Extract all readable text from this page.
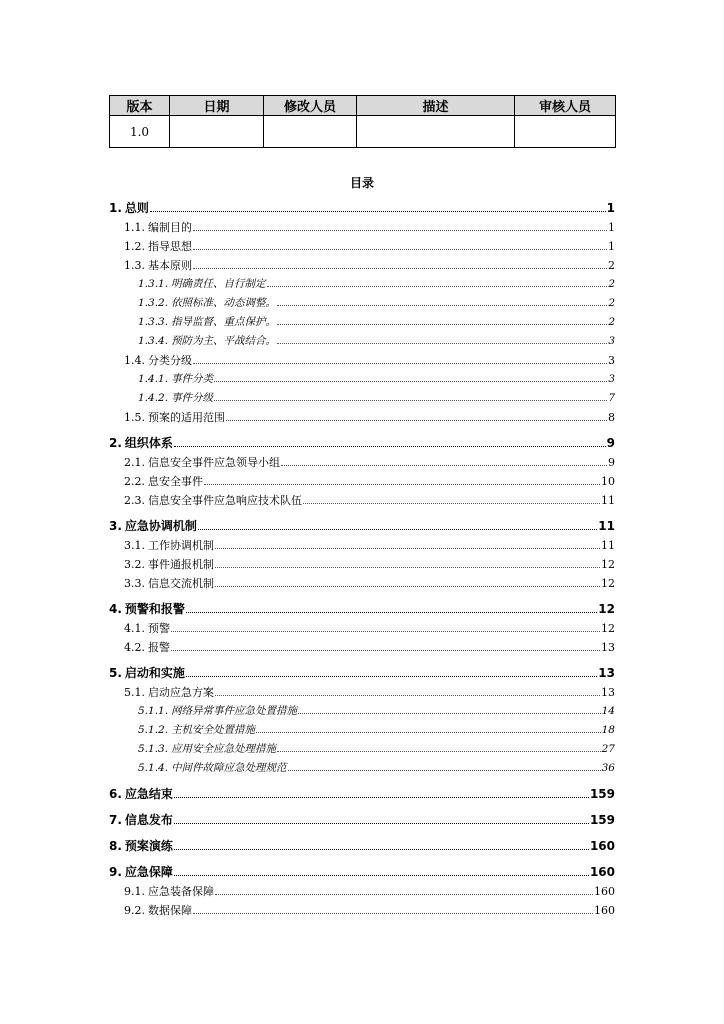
版本	日期	修改人员	描述	审核人员
1.0				
目录
1. 总则	1
1.1. 编制目的	1
1.2. 指导思想	1
1.3. 基本原则	2
1.3.1. 明确责任、自行制定	2
1.3.2. 依照标准、动态调整。	2
1.3.3. 指导监督、重点保护。	2
1.3.4. 预防为主、平战结合。	3
1.4. 分类分级	3
1.4.1. 事件分类	3
1.4.2. 事件分级	7
1.5. 预案的适用范围	8
2. 组织体系	9
2.1. 信息安全事件应急领导小组	9
2.2. 息安全事件	10
2.3. 信息安全事件应急响应技术队伍	11
3. 应急协调机制	11
3.1. 工作协调机制	11
3.2. 事件通报机制	12
3.3. 信息交流机制	12
4. 预警和报警	12
4.1. 预警	12
4.2. 报警	13
5. 启动和实施	13
5.1. 启动应急方案	13
5.1.1. 网络异常事件应急处置措施	14
5.1.2. 主机安全处置措施	18
5.1.3. 应用安全应急处理措施	27
5.1.4. 中间件故障应急处理规范	36
6. 应急结束	159
7. 信息发布	159
8. 预案演练	160
9. 应急保障	160
9.1. 应急装备保障	160
9.2. 数据保障	160
